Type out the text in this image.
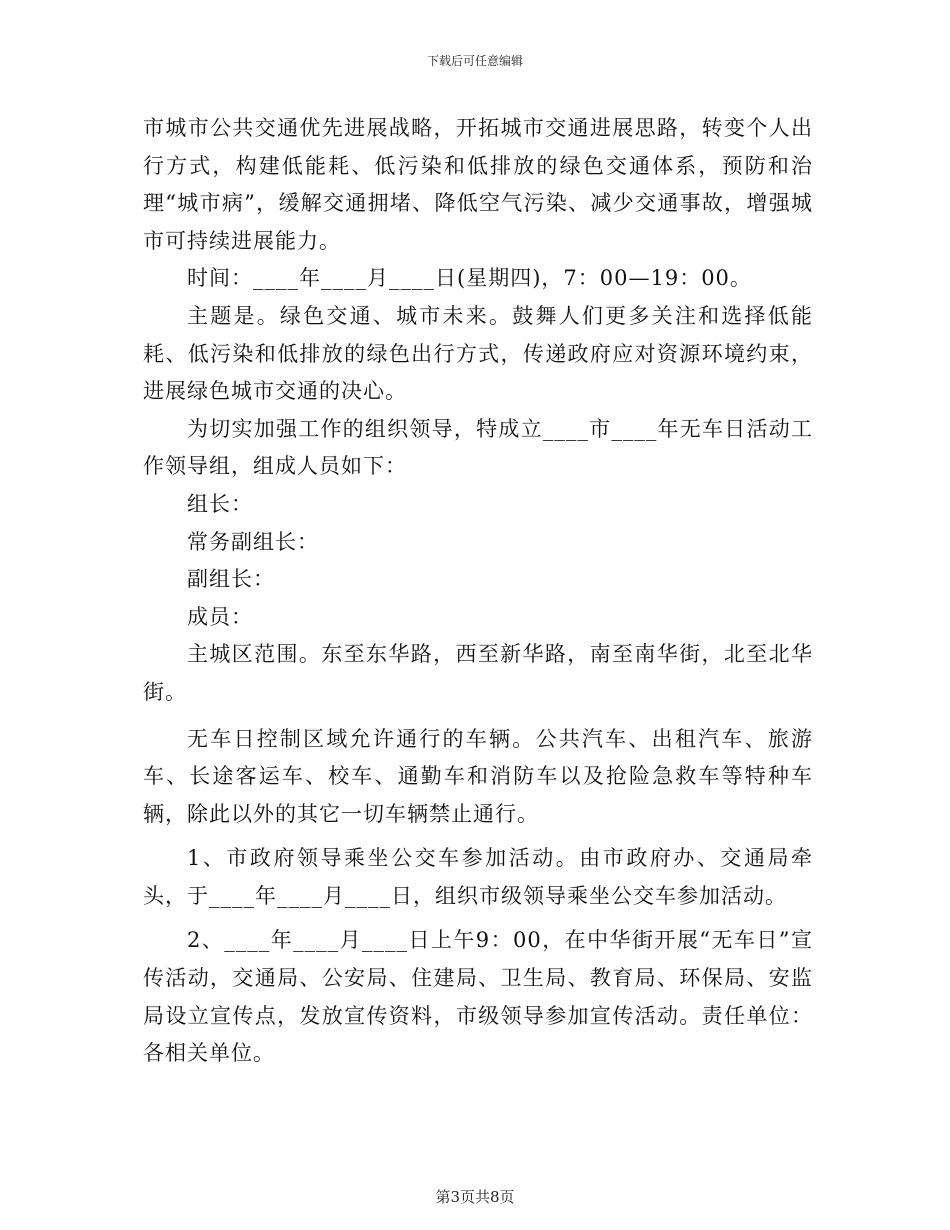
下载后可任意编辑

市城市公共交通优先进展战略，开拓城市交通进展思路，转变个人出行方式，构建低能耗、低污染和低排放的绿色交通体系，预防和治理“城市病”，缓解交通拥堵、降低空气污染、减少交通事故，增强城市可持续进展能力。

时间：____年____月____日(星期四)，7：00—19：00。

主题是。绿色交通、城市未来。鼓舞人们更多关注和选择低能耗、低污染和低排放的绿色出行方式，传递政府应对资源环境约束，进展绿色城市交通的决心。

为切实加强工作的组织领导，特成立____市____年无车日活动工作领导组，组成人员如下：

组长：

常务副组长：

副组长：

成员：

主城区范围。东至东华路，西至新华路，南至南华街，北至北华街。

无车日控制区域允许通行的车辆。公共汽车、出租汽车、旅游车、长途客运车、校车、通勤车和消防车以及抢险急救车等特种车辆，除此以外的其它一切车辆禁止通行。

1、市政府领导乘坐公交车参加活动。由市政府办、交通局牵头，于____年____月____日，组织市级领导乘坐公交车参加活动。

2、____年____月____日上午9：00，在中华街开展“无车日”宣传活动，交通局、公安局、住建局、卫生局、教育局、环保局、安监局设立宣传点，发放宣传资料，市级领导参加宣传活动。责任单位：各相关单位。

第3页共8页
